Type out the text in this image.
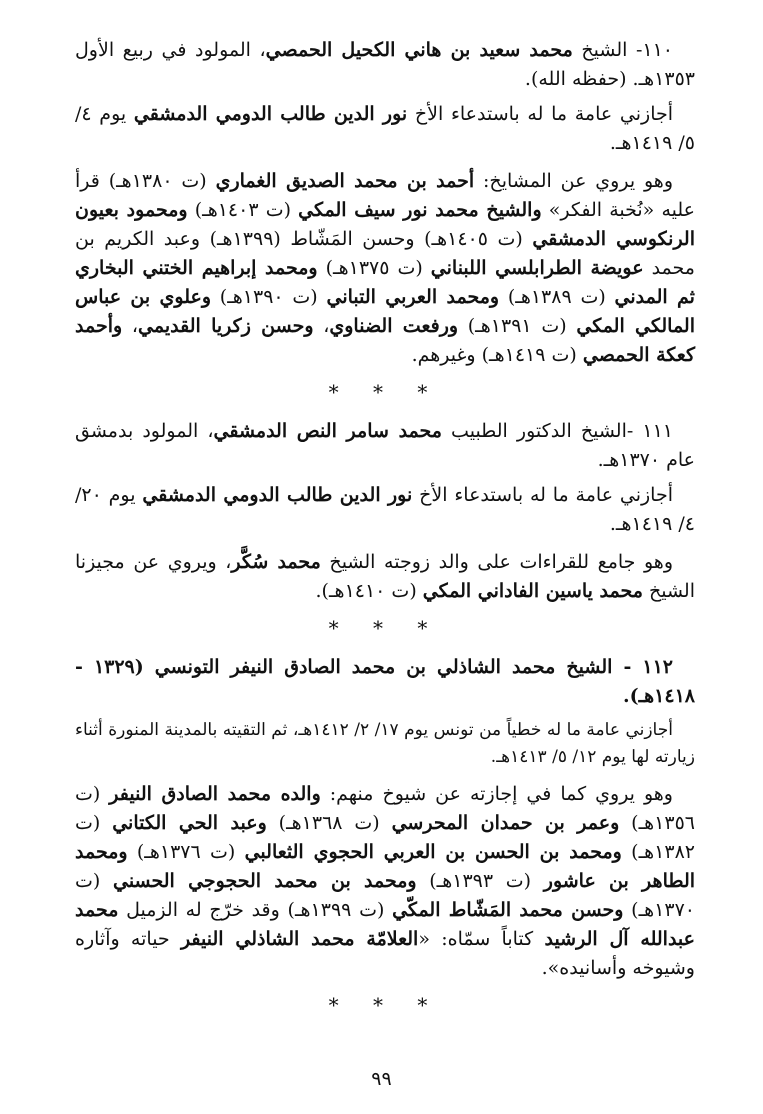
١١٠- الشيخ محمد سعيد بن هاني الكحيل الحمصي، المولود في ربيع الأول ١٣٥٣هـ. (حفظه الله).

أجازني عامة ما له باستدعاء الأخ نور الدين طالب الدومي الدمشقي يوم ٤/ ٥/ ١٤١٩هـ.

وهو يروي عن المشايخ: أحمد بن محمد الصديق الغماري (ت ١٣٨٠هـ) قرأ عليه «نُخبة الفكر» والشيخ محمد نور سيف المكي (ت ١٤٠٣هـ) ومحمود بعيون الرنكوسي الدمشقي (ت ١٤٠٥هـ) وحسن المَشّاط (١٣٩٩هـ) وعبد الكريم بن محمد عويضة الطرابلسي اللبناني (ت ١٣٧٥هـ) ومحمد إبراهيم الختني البخاري ثم المدني (ت ١٣٨٩هـ) ومحمد العربي التباني (ت ١٣٩٠هـ) وعلوي بن عباس المالكي المكي (ت ١٣٩١هـ) ورفعت الضناوي، وحسن زكريا القديمي، وأحمد كعكة الحمصي (ت ١٤١٩هـ) وغيرهم.

* * *

١١١ -الشيخ الدكتور الطبيب محمد سامر النص الدمشقي، المولود بدمشق عام ١٣٧٠هـ.

أجازني عامة ما له باستدعاء الأخ نور الدين طالب الدومي الدمشقي يوم ٢٠/ ٤/ ١٤١٩هـ.

وهو جامع للقراءات على والد زوجته الشيخ محمد سُكَّر، ويروي عن مجيزنا الشيخ محمد ياسين الفاداني المكي (ت ١٤١٠هـ).

* * *

١١٢ - الشيخ محمد الشاذلي بن محمد الصادق النيفر التونسي (١٣٢٩ - ١٤١٨هـ).

أجازني عامة ما له خطياً من تونس يوم ١٧/ ٢/ ١٤١٢هـ، ثم التقيته بالمدينة المنورة أثناء زيارته لها يوم ١٢/ ٥/ ١٤١٣هـ.

وهو يروي كما في إجازته عن شيوخ منهم: والده محمد الصادق النيفر (ت ١٣٥٦هـ) وعمر بن حمدان المحرسي (ت ١٣٦٨هـ) وعبد الحي الكتاني (ت ١٣٨٢هـ) ومحمد بن الحسن بن العربي الحجوي الثعالبي (ت ١٣٧٦هـ) ومحمد الطاهر بن عاشور (ت ١٣٩٣هـ) ومحمد بن محمد الحجوجي الحسني (ت ١٣٧٠هـ) وحسن محمد المَشّاط المكّي (ت ١٣٩٩هـ) وقد خرّج له الزميل محمد عبدالله آل الرشيد كتاباً سمّاه: «العلامّة محمد الشاذلي النيفر حياته وآثاره وشيوخه وأسانيده».

* * *
٩٩
